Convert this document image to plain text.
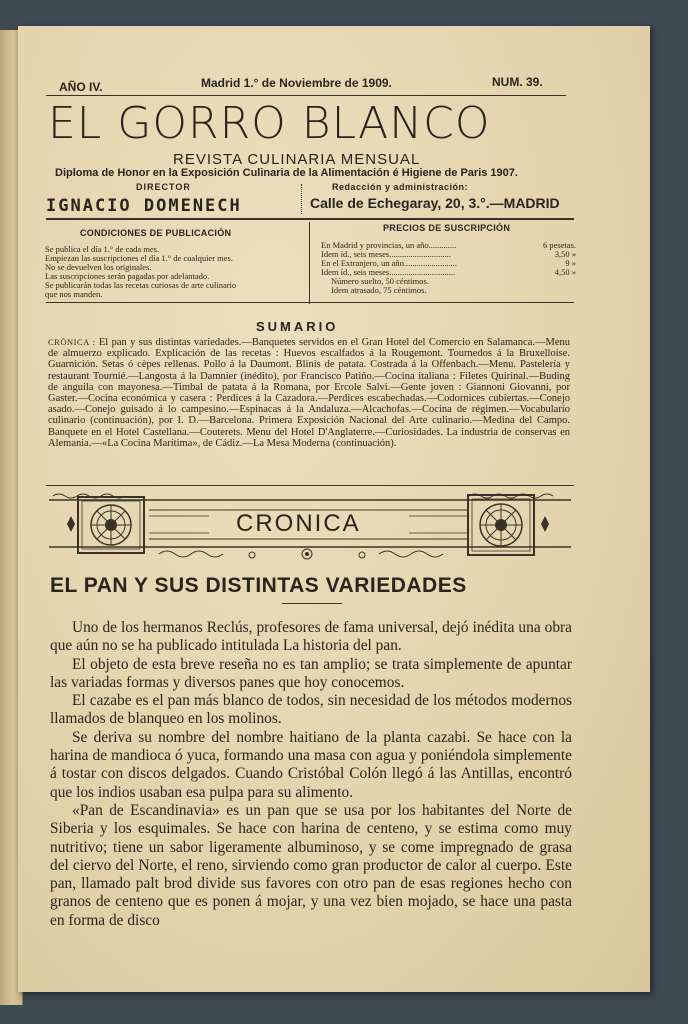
AÑO IV.	Madrid 1.° de Noviembre de 1909.	NUM. 39.
EL GORRO BLANCO
REVISTA CULINARIA MENSUAL
Diploma de Honor en la Exposición Culinaria de la Alimentación é Higiene de Paris 1907.
DIRECTOR	Redacción y administración:
IGNACIO DOMENECH	Calle de Echegaray, 20, 3.°.—MADRID
CONDICIONES DE PUBLICACIÓN
Se publica el día 1.° de cada mes.
Empiezan las suscripciones el día 1.° de cualquier mes.
No se devuelven los originales.
Las suscripciones serán pagadas por adelantado.
Se publicarán todas las recetas curiosas de arte culinario
que nos manden.
PRECIOS DE SUSCRIPCIÓN
En Madrid y provincias, un año.............	6 pesetas.
Idem íd., seis meses.............................	3,50 »
En el Extranjero, un año.........................	9 »
Idem íd., seis meses...............................	4,50 »
Número suelto, 50 céntimos.
Idem atrasado, 75 céntimos.
SUMARIO
CRÓNICA : El pan y sus distintas variedades.—Banquetes servidos en el Gran Hotel del Comercio en Salamanca.—Menu de almuerzo explicado. Explicación de las recetas : Huevos escalfados á la Rougemont. Tournedos á la Bruxelloise. Guarnición. Setas ó cèpes rellenas. Pollo á la Daumont. Blinis de patata. Costrada á la Offenbach.—Menu. Pastelería y restaurant Tournié.—Langosta á la Damnier (inédito), por Francisco Patiño.—Cocina italiana : Filetes Quirinal.—Buding de anguila con mayonesa.—Timbal de patata á la Romana, por Ercole Salvi.—Gente joven : Giannoni Giovanni, por Gaster.—Cocina económica y casera : Perdices á la Cazadora.—Perdices escabechadas.—Codornices cubiertas.—Conejo asado.—Conejo guisado á lo campesino.—Espinacas á la Andaluza.—Alcachofas.—Cocina de régimen.—Vocabulario culinario (continuación), por I. D.—Barcelona. Primera Exposición Nacional del Arte culinario.—Medina del Campo. Banquete en el Hotel Castellana.—Couterets. Menu del Hotel D'Anglaterre.—Curiosidades. La industria de conservas en Alemania.—«La Cocina Marítima», de Cádiz.—La Mesa Moderna (continuación).
CRONICA
EL PAN Y SUS DISTINTAS VARIEDADES

Uno de los hermanos Reclús, profesores de fama universal, dejó inédita una obra que aún no se ha publicado intitulada La historia del pan.

El objeto de esta breve reseña no es tan amplio; se trata simplemente de apuntar las variadas formas y diversos panes que hoy conocemos.

El cazabe es el pan más blanco de todos, sin necesidad de los métodos modernos llamados de blanqueo en los molinos.

Se deriva su nombre del nombre haitiano de la planta cazabi. Se hace con la harina de mandioca ó yuca, formando una masa con agua y poniéndola simplemente á tostar con discos delgados. Cuando Cristóbal Colón llegó á las Antillas, encontró que los indios usaban esa pulpa para su alimento.

«Pan de Escandinavia» es un pan que se usa por los habitantes del Norte de Siberia y los esquimales. Se hace con harina de centeno, y se estima como muy nutritivo; tiene un sabor ligeramente albuminoso, y se come impregnado de grasa del ciervo del Norte, el reno, sirviendo como gran productor de calor al cuerpo. Este pan, llamado palt brod divide sus favores con otro pan de esas regiones hecho con granos de centeno que es ponen á mojar, y una vez bien mojado, se hace una pasta en forma de disco
